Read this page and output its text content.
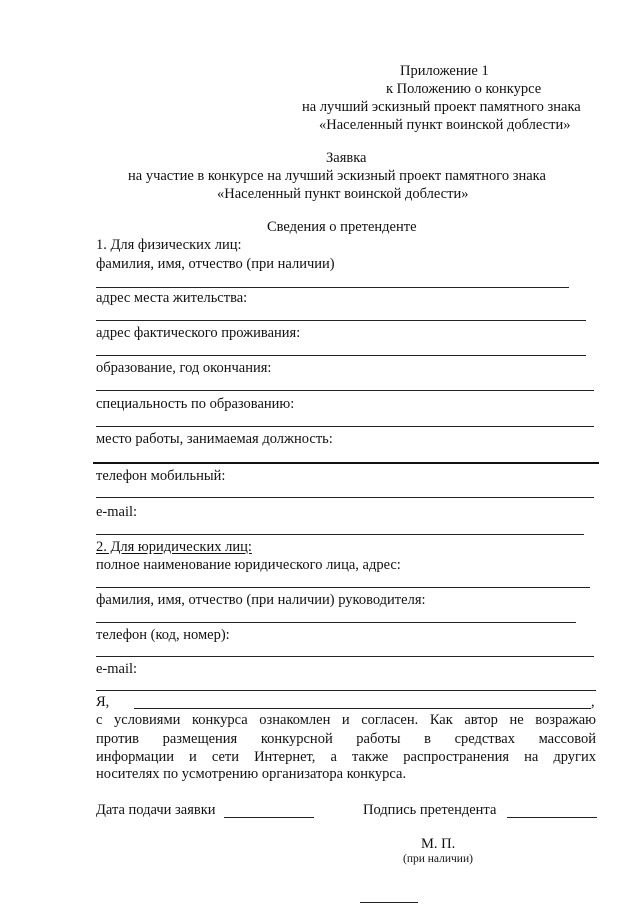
Приложение 1
к Положению о конкурсе
на лучший эскизный проект памятного знака
«Населенный пункт воинской доблести»
Заявка
на участие в конкурсе на лучший эскизный проект памятного знака
«Населенный пункт воинской доблести»
Сведения о претенденте
1. Для физических лиц:
фамилия, имя, отчество (при наличии)
адрес места жительства:
адрес фактического проживания:
образование, год окончания:
специальность по образованию:
место работы, занимаемая должность:
телефон мобильный:
e-mail:
2. Для юридических лиц:
полное наименование юридического лица, адрес:
фамилия, имя, отчество (при наличии) руководителя:
телефон (код, номер):
e-mail:
Я,	,
с условиями конкурса ознакомлен и согласен. Как автор не возражаю
против размещения конкурсной работы в средствах массовой
информации и сети Интернет, а также распространения на других
носителях по усмотрению организатора конкурса.
Дата подачи заявки	Подпись претендента
М. П.
(при наличии)
